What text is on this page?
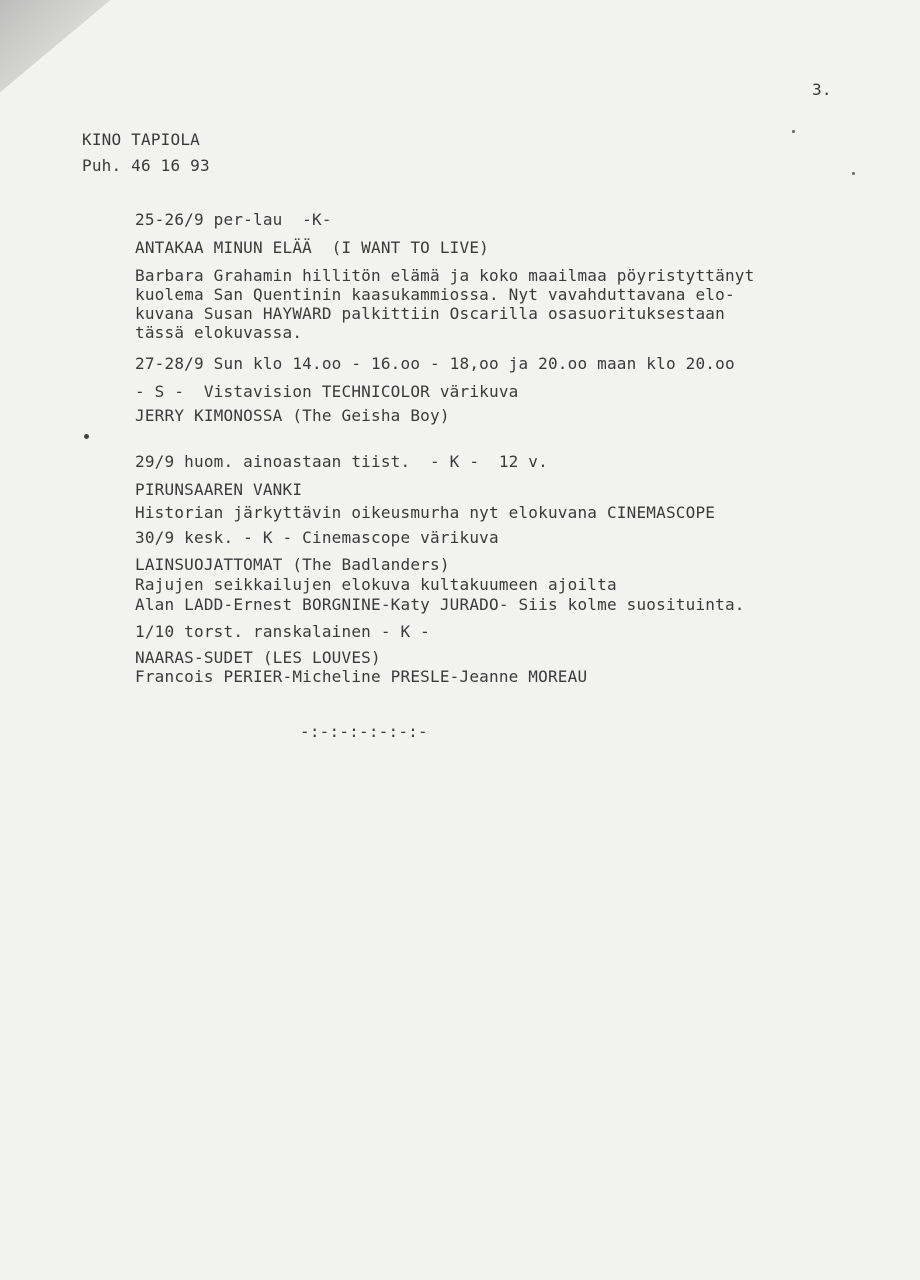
3.
KINO TAPIOLA
Puh. 46 16 93
25-26/9 per-lau  -K-
ANTAKAA MINUN ELÄÄ  (I WANT TO LIVE)
Barbara Grahamin hillitön elämä ja koko maailmaa pöyristyttänyt
kuolema San Quentinin kaasukammiossa. Nyt vavahduttavana elo-
kuvana Susan HAYWARD palkittiin Oscarilla osasuorituksestaan
tässä elokuvassa.
27-28/9 Sun klo 14.oo - 16.oo - 18,oo ja 20.oo maan klo 20.oo
- S -  Vistavision TECHNICOLOR värikuva
JERRY KIMONOSSA (The Geisha Boy)
29/9 huom. ainoastaan tiist.  - K -  12 v.
PIRUNSAAREN VANKI
Historian järkyttävin oikeusmurha nyt elokuvana CINEMASCOPE
30/9 kesk. - K - Cinemascope värikuva
LAINSUOJATTOMAT (The Badlanders)
Rajujen seikkailujen elokuva kultakuumeen ajoilta
Alan LADD-Ernest BORGNINE-Katy JURADO- Siis kolme suosituinta.
1/10 torst. ranskalainen - K -
NAARAS-SUDET (LES LOUVES)
Francois PERIER-Micheline PRESLE-Jeanne MOREAU
-:-:-:-:-:-:-
